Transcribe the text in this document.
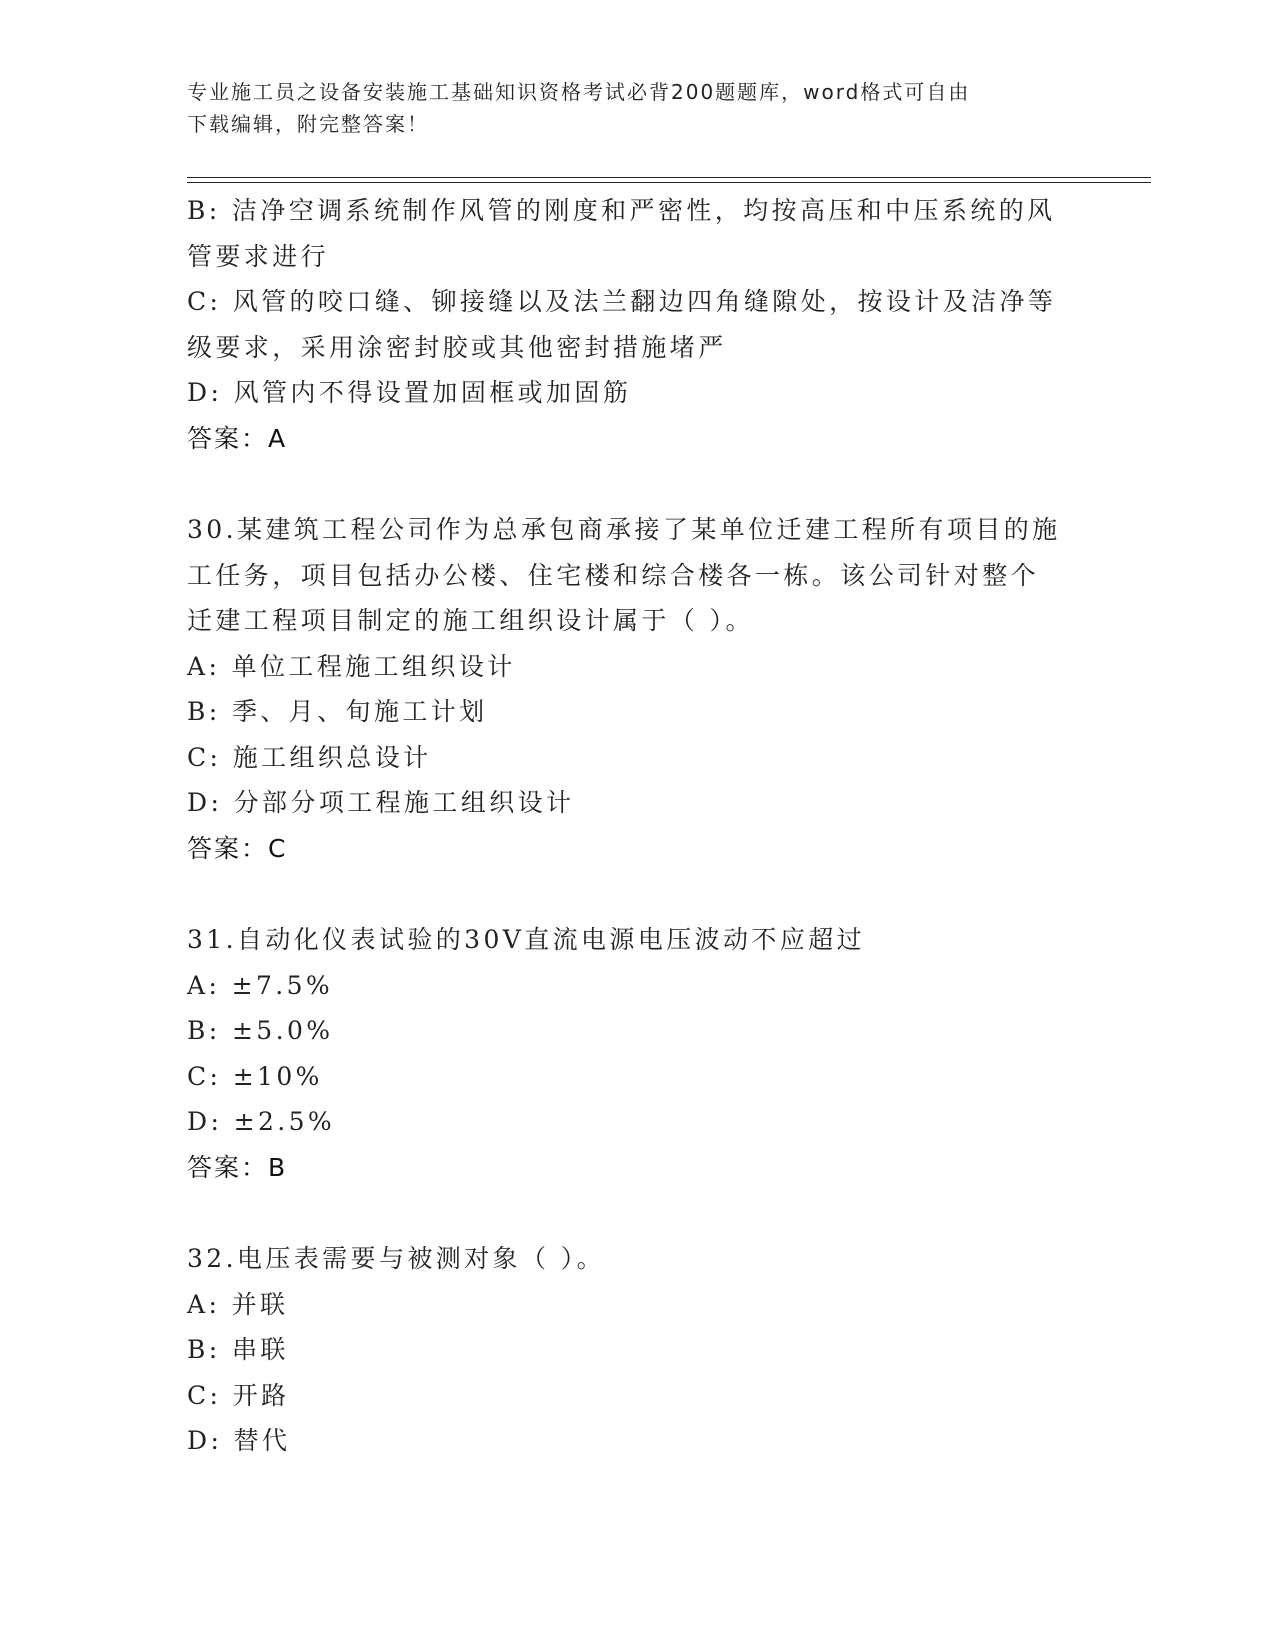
专业施工员之设备安装施工基础知识资格考试必背200题题库，word格式可自由
下载编辑，附完整答案！
B: 洁净空调系统制作风管的刚度和严密性，均按高压和中压系统的风
管要求进行
C: 风管的咬口缝、铆接缝以及法兰翻边四角缝隙处，按设计及洁净等
级要求，采用涂密封胶或其他密封措施堵严
D: 风管内不得设置加固框或加固筋
答案：A
30.某建筑工程公司作为总承包商承接了某单位迁建工程所有项目的施
工任务，项目包括办公楼、住宅楼和综合楼各一栋。该公司针对整个
迁建工程项目制定的施工组织设计属于（ ）。
A: 单位工程施工组织设计
B: 季、月、旬施工计划
C: 施工组织总设计
D: 分部分项工程施工组织设计
答案：C
31.自动化仪表试验的30V直流电源电压波动不应超过
A: ±7.5%
B: ±5.0%
C: ±10%
D: ±2.5%
答案：B
32.电压表需要与被测对象（ ）。
A: 并联
B: 串联
C: 开路
D: 替代
